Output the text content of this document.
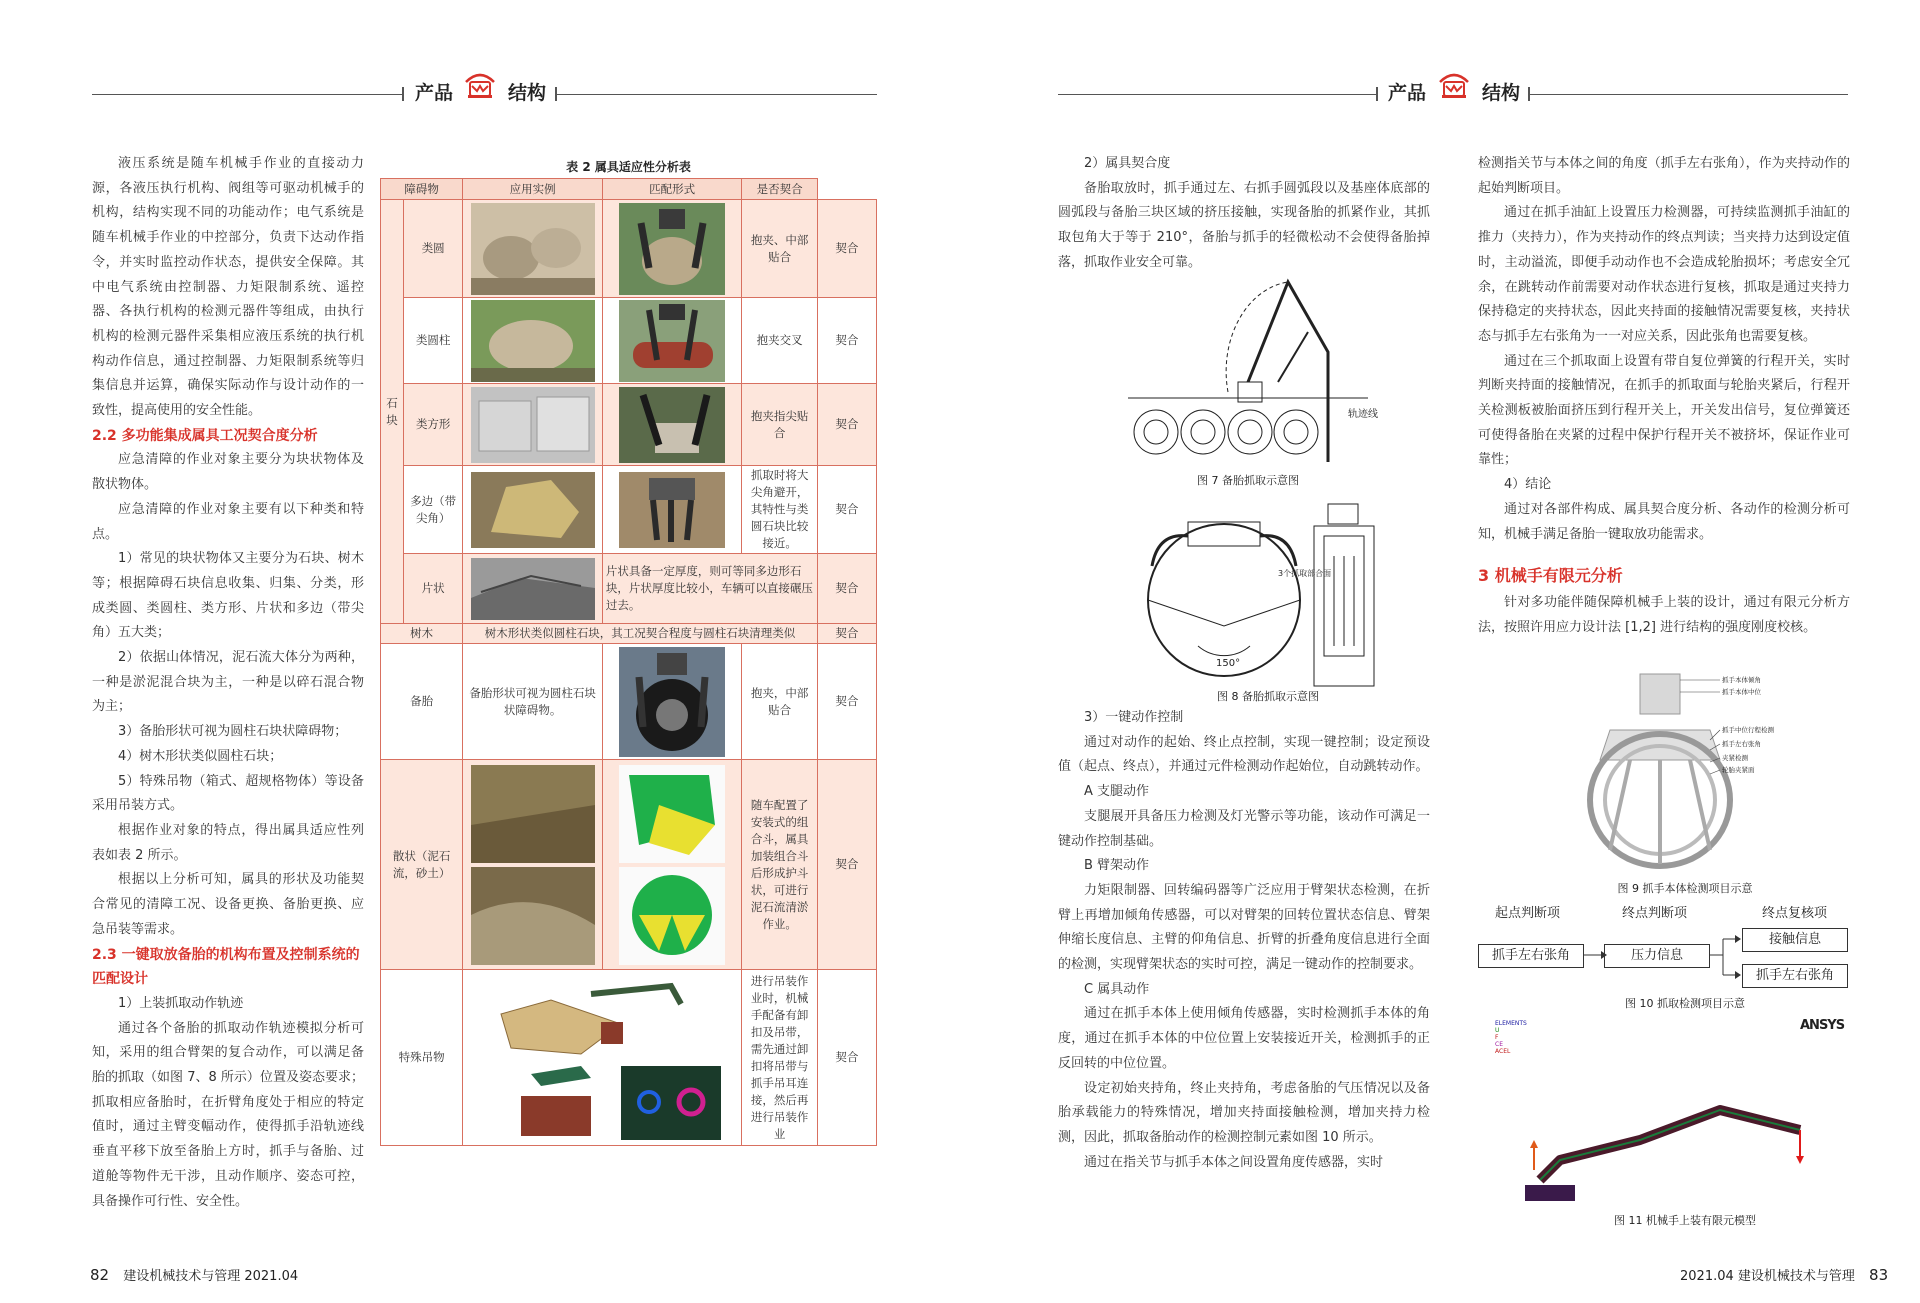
产品	结构	产品	结构

液压系统是随车机械手作业的直接动力源，各液压执行机构、阀组等可驱动机械手的机构，结构实现不同的功能动作；电气系统是随车机械手作业的中控部分，负责下达动作指令，并实时监控动作状态，提供安全保障。其中电气系统由控制器、力矩限制系统、遥控器、各执行机构的检测元器件等组成，由执行机构的检测元器件采集相应液压系统的执行机构动作信息，通过控制器、力矩限制系统等归集信息并运算，确保实际动作与设计动作的一致性，提高使用的安全性能。

2.2 多功能集成属具工况契合度分析

应急清障的作业对象主要分为块状物体及散状物体。

应急清障的作业对象主要有以下种类和特点。

1）常见的块状物体又主要分为石块、树木等；根据障碍石块信息收集、归集、分类，形成类圆、类圆柱、类方形、片状和多边（带尖角）五大类；

2）依据山体情况，泥石流大体分为两种，一种是淤泥混合块为主，一种是以碎石混合物为主；

3）备胎形状可视为圆柱石块状障碍物；

4）树木形状类似圆柱石块；

5）特殊吊物（箱式、超规格物体）等设备采用吊装方式。

根据作业对象的特点，得出属具适应性列表如表 2 所示。

根据以上分析可知，属具的形状及功能契合常见的清障工况、设备更换、备胎更换、应急吊装等需求。

2.3 一键取放备胎的机构布置及控制系统的匹配设计

1）上装抓取动作轨迹

通过各个备胎的抓取动作轨迹模拟分析可知，采用的组合臂架的复合动作，可以满足备胎的抓取（如图 7、8 所示）位置及姿态要求；抓取相应备胎时，在折臂角度处于相应的特定值时，通过主臂变幅动作，使得抓手沿轨迹线垂直平移下放至备胎上方时，抓手与备胎、过道舱等物件无干涉，且动作顺序、姿态可控，具备操作可行性、安全性。

表 2 属具适应性分析表
障碍物		应用实例	匹配形式	是否契合	
石块	类圆			抱夹、中部贴合	契合
	类圆柱			抱夹交叉	契合
	类方形			抱夹指尖贴合	契合
	多边（带尖角）			抓取时将大尖角避开，其特性与类圆石块比较接近。	契合
	片状		片状具备一定厚度，则可等同多边形石块，片状厚度比较小，车辆可以直接碾压过去。		契合
树木		树木形状类似圆柱石块，其工况契合程度与圆柱石块清理类似			契合
备胎		备胎形状可视为圆柱石块状障碍物。		抱夹，中部贴合	契合
散状（泥石流，砂土）				随车配置了安装式的组合斗，属具加装组合斗后形成护斗状，可进行泥石流清淤作业。	契合
特殊吊物				进行吊装作业时，机械手配备有卸扣及吊带，需先通过卸扣将吊带与抓手吊耳连接，然后再进行吊装作业	契合

2）属具契合度

备胎取放时，抓手通过左、右抓手圆弧段以及基座体底部的圆弧段与备胎三块区域的挤压接触，实现备胎的抓紧作业，其抓取包角大于等于 210°，备胎与抓手的轻微松动不会使得备胎掉落，抓取作业安全可靠。

轨迹线
图 7 备胎抓取示意图
150°
3个抓取部合面
图 8 备胎抓取示意图

3）一键动作控制

通过对动作的起始、终止点控制，实现一键控制；设定预设值（起点、终点），并通过元件检测动作起始位，自动跳转动作。

A 支腿动作

支腿展开具备压力检测及灯光警示等功能，该动作可满足一键动作控制基础。

B 臂架动作

力矩限制器、回转编码器等广泛应用于臂架状态检测，在折臂上再增加倾角传感器，可以对臂架的回转位置状态信息、臂架伸缩长度信息、主臂的仰角信息、折臂的折叠角度信息进行全面的检测，实现臂架状态的实时可控，满足一键动作的控制要求。

C 属具动作

通过在抓手本体上使用倾角传感器，实时检测抓手本体的角度，通过在抓手本体的中位位置上安装接近开关，检测抓手的正反回转的中位位置。

设定初始夹持角，终止夹持角，考虑备胎的气压情况以及备胎承载能力的特殊情况，增加夹持面接触检测，增加夹持力检测，因此，抓取备胎动作的检测控制元素如图 10 所示。

通过在指关节与抓手本体之间设置角度传感器，实时

检测指关节与本体之间的角度（抓手左右张角），作为夹持动作的起始判断项目。

通过在抓手油缸上设置压力检测器，可持续监测抓手油缸的推力（夹持力），作为夹持动作的终点判读；当夹持力达到设定值时，主动溢流，即便手动动作也不会造成轮胎损坏；考虑安全冗余，在跳转动作前需要对动作状态进行复核，抓取是通过夹持力保持稳定的夹持状态，因此夹持面的接触情况需要复核，夹持状态与抓手左右张角为一一对应关系，因此张角也需要复核。

通过在三个抓取面上设置有带自复位弹簧的行程开关，实时判断夹持面的接触情况，在抓手的抓取面与轮胎夹紧后，行程开关检测板被胎面挤压到行程开关上，开关发出信号，复位弹簧还可使得备胎在夹紧的过程中保护行程开关不被挤坏，保证作业可靠性；

4）结论

通过对各部件构成、属具契合度分析、各动作的检测分析可知，机械手满足备胎一键取放功能需求。

3 机械手有限元分析

针对多功能伴随保障机械手上装的设计，通过有限元分析方法，按照许用应力设计法 [1,2] 进行结构的强度刚度校核。

抓手本体倾角
抓手本体中位
抓手中位行程检测
抓手左右张角
夹紧检测
轮胎夹紧面
图 9 抓手本体检测项目示意
起点判断项	终点判断项	终点复核项
抓手左右张角	压力信息
接触信息
抓手左右张角
图 10 抓取检测项目示意
ELEMENTS
U
F
CE
ACEL
ANSYS
图 11 机械手上装有限元模型
82 建设机械技术与管理 2021.04	2021.04 建设机械技术与管理 83
